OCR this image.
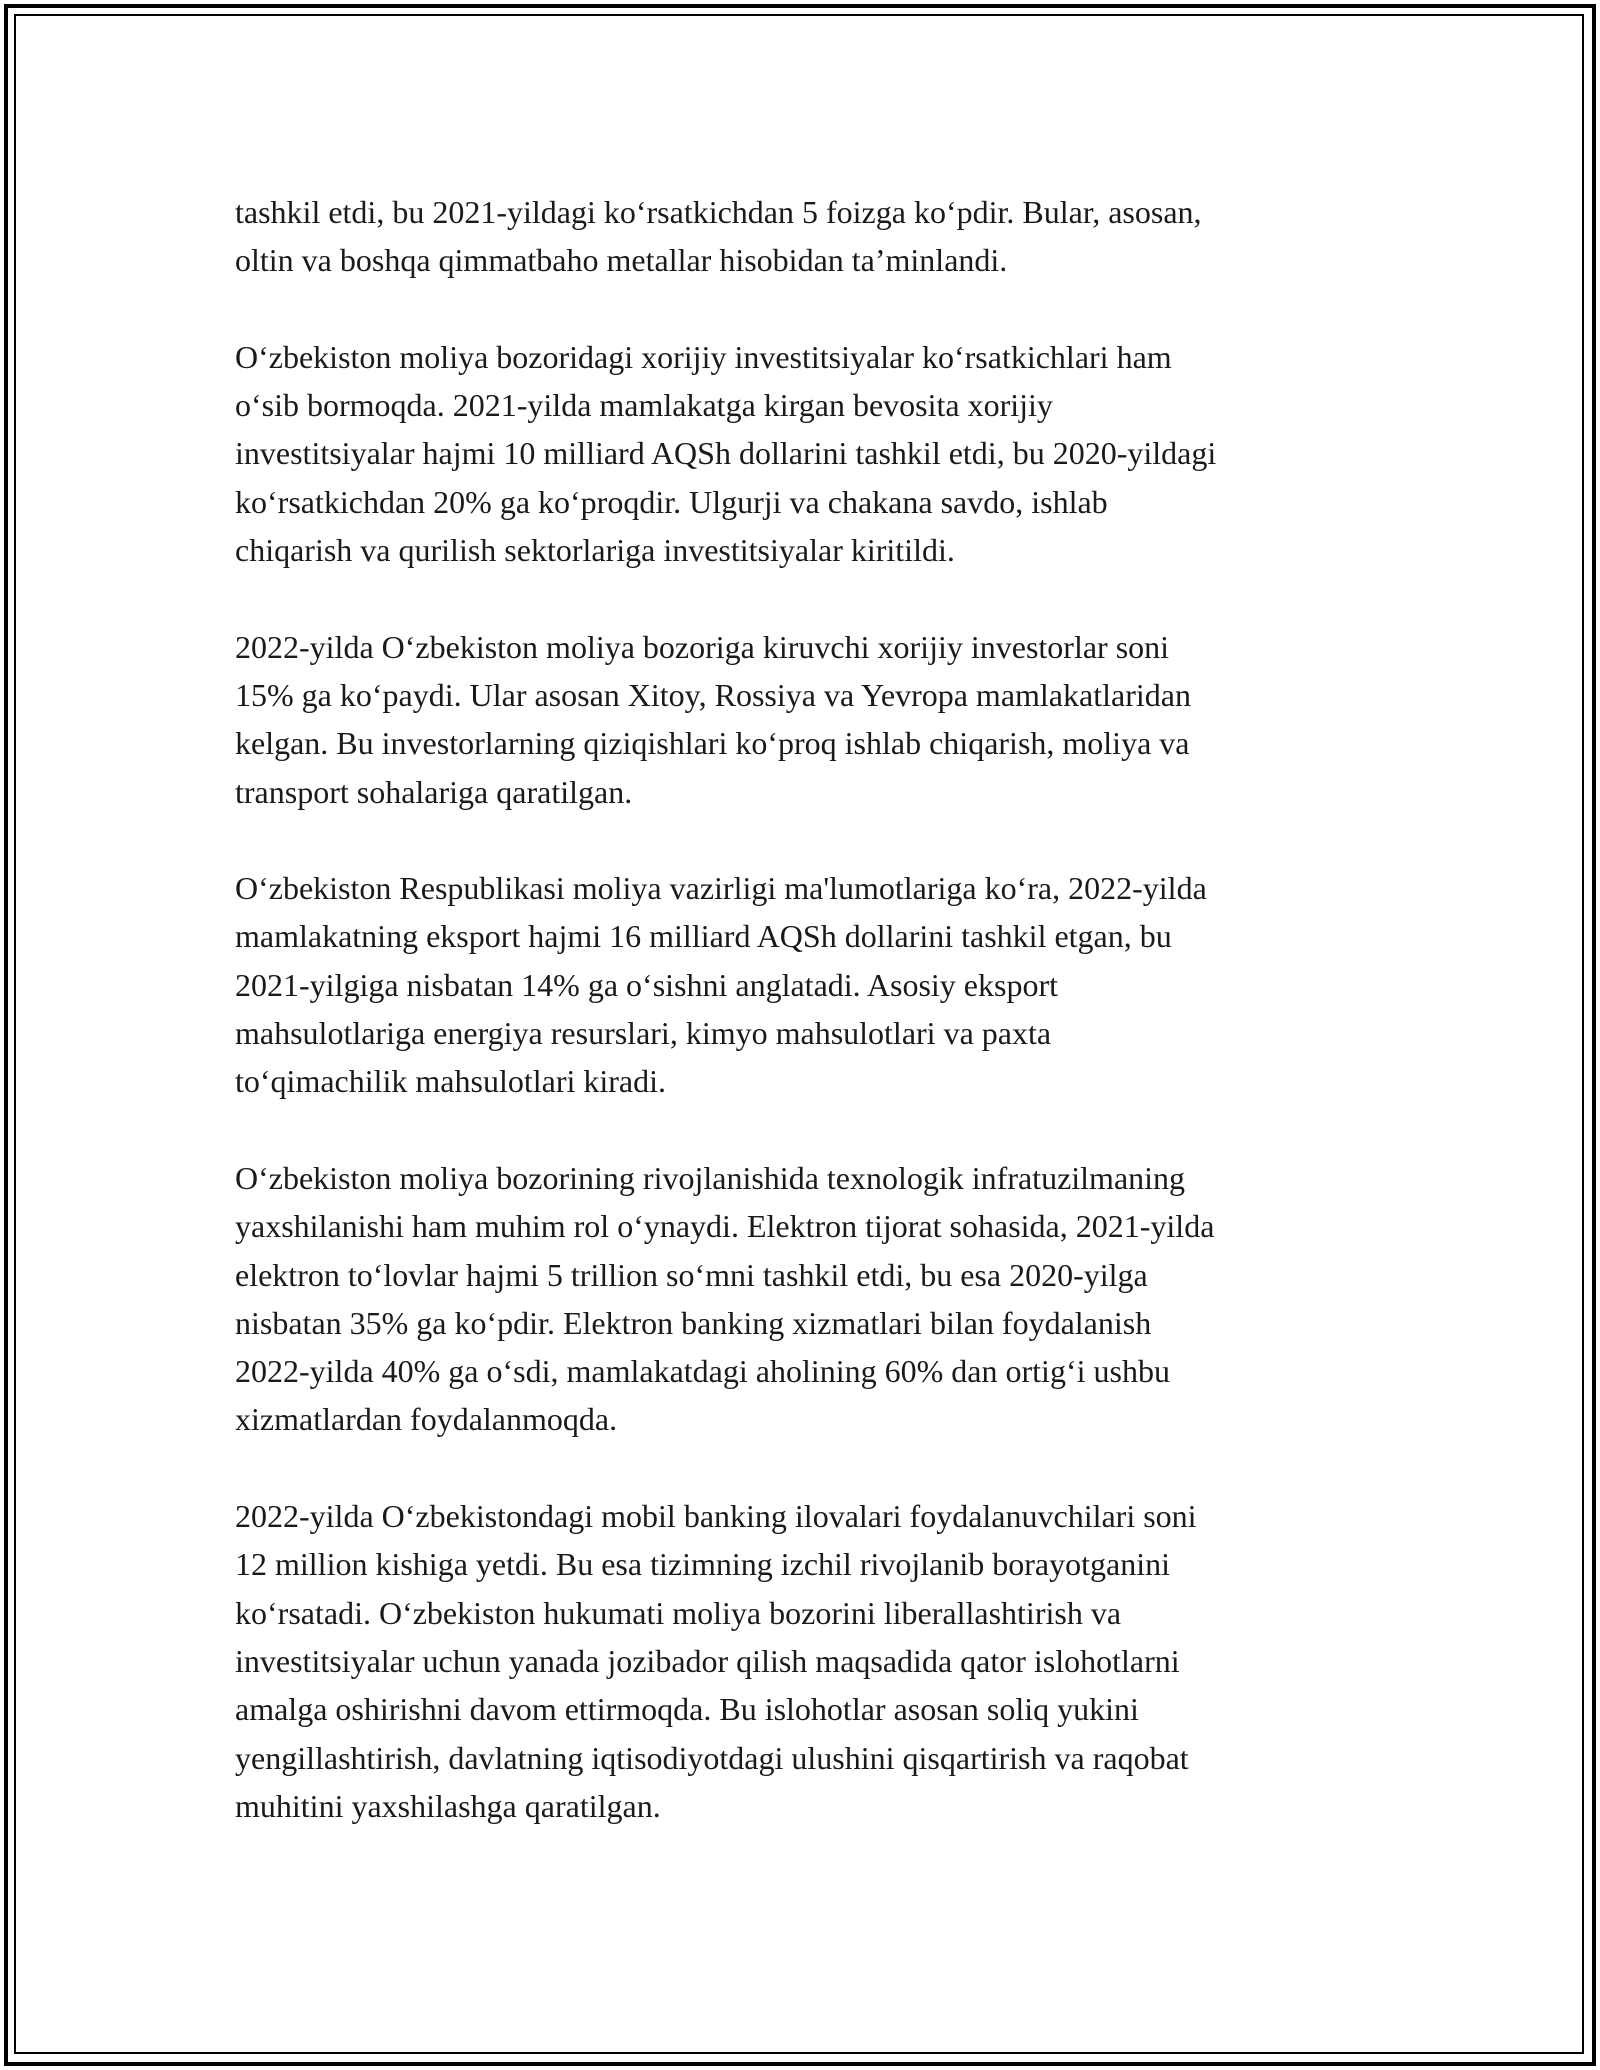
tashkil etdi, bu 2021-yildagi koʻrsatkichdan 5 foizga koʻpdir. Bular, asosan,
oltin va boshqa qimmatbaho metallar hisobidan ta’minlandi.

Oʻzbekiston moliya bozoridagi xorijiy investitsiyalar koʻrsatkichlari ham
oʻsib bormoqda. 2021-yilda mamlakatga kirgan bevosita xorijiy
investitsiyalar hajmi 10 milliard AQSh dollarini tashkil etdi, bu 2020-yildagi
koʻrsatkichdan 20% ga koʻproqdir. Ulgurji va chakana savdo, ishlab
chiqarish va qurilish sektorlariga investitsiyalar kiritildi.

2022-yilda Oʻzbekiston moliya bozoriga kiruvchi xorijiy investorlar soni
15% ga koʻpaydi. Ular asosan Xitoy, Rossiya va Yevropa mamlakatlaridan
kelgan. Bu investorlarning qiziqishlari koʻproq ishlab chiqarish, moliya va
transport sohalariga qaratilgan.

Oʻzbekiston Respublikasi moliya vazirligi ma'lumotlariga koʻra, 2022-yilda
mamlakatning eksport hajmi 16 milliard AQSh dollarini tashkil etgan, bu
2021-yilgiga nisbatan 14% ga oʻsishni anglatadi. Asosiy eksport
mahsulotlariga energiya resurslari, kimyo mahsulotlari va paxta
toʻqimachilik mahsulotlari kiradi.

Oʻzbekiston moliya bozorining rivojlanishida texnologik infratuzilmaning
yaxshilanishi ham muhim rol oʻynaydi. Elektron tijorat sohasida, 2021-yilda
elektron toʻlovlar hajmi 5 trillion soʻmni tashkil etdi, bu esa 2020-yilga
nisbatan 35% ga koʻpdir. Elektron banking xizmatlari bilan foydalanish
2022-yilda 40% ga oʻsdi, mamlakatdagi aholining 60% dan ortigʻi ushbu
xizmatlardan foydalanmoqda.

2022-yilda Oʻzbekistondagi mobil banking ilovalari foydalanuvchilari soni
12 million kishiga yetdi. Bu esa tizimning izchil rivojlanib borayotganini
koʻrsatadi. Oʻzbekiston hukumati moliya bozorini liberallashtirish va
investitsiyalar uchun yanada jozibador qilish maqsadida qator islohotlarni
amalga oshirishni davom ettirmoqda. Bu islohotlar asosan soliq yukini
yengillashtirish, davlatning iqtisodiyotdagi ulushini qisqartirish va raqobat
muhitini yaxshilashga qaratilgan.
